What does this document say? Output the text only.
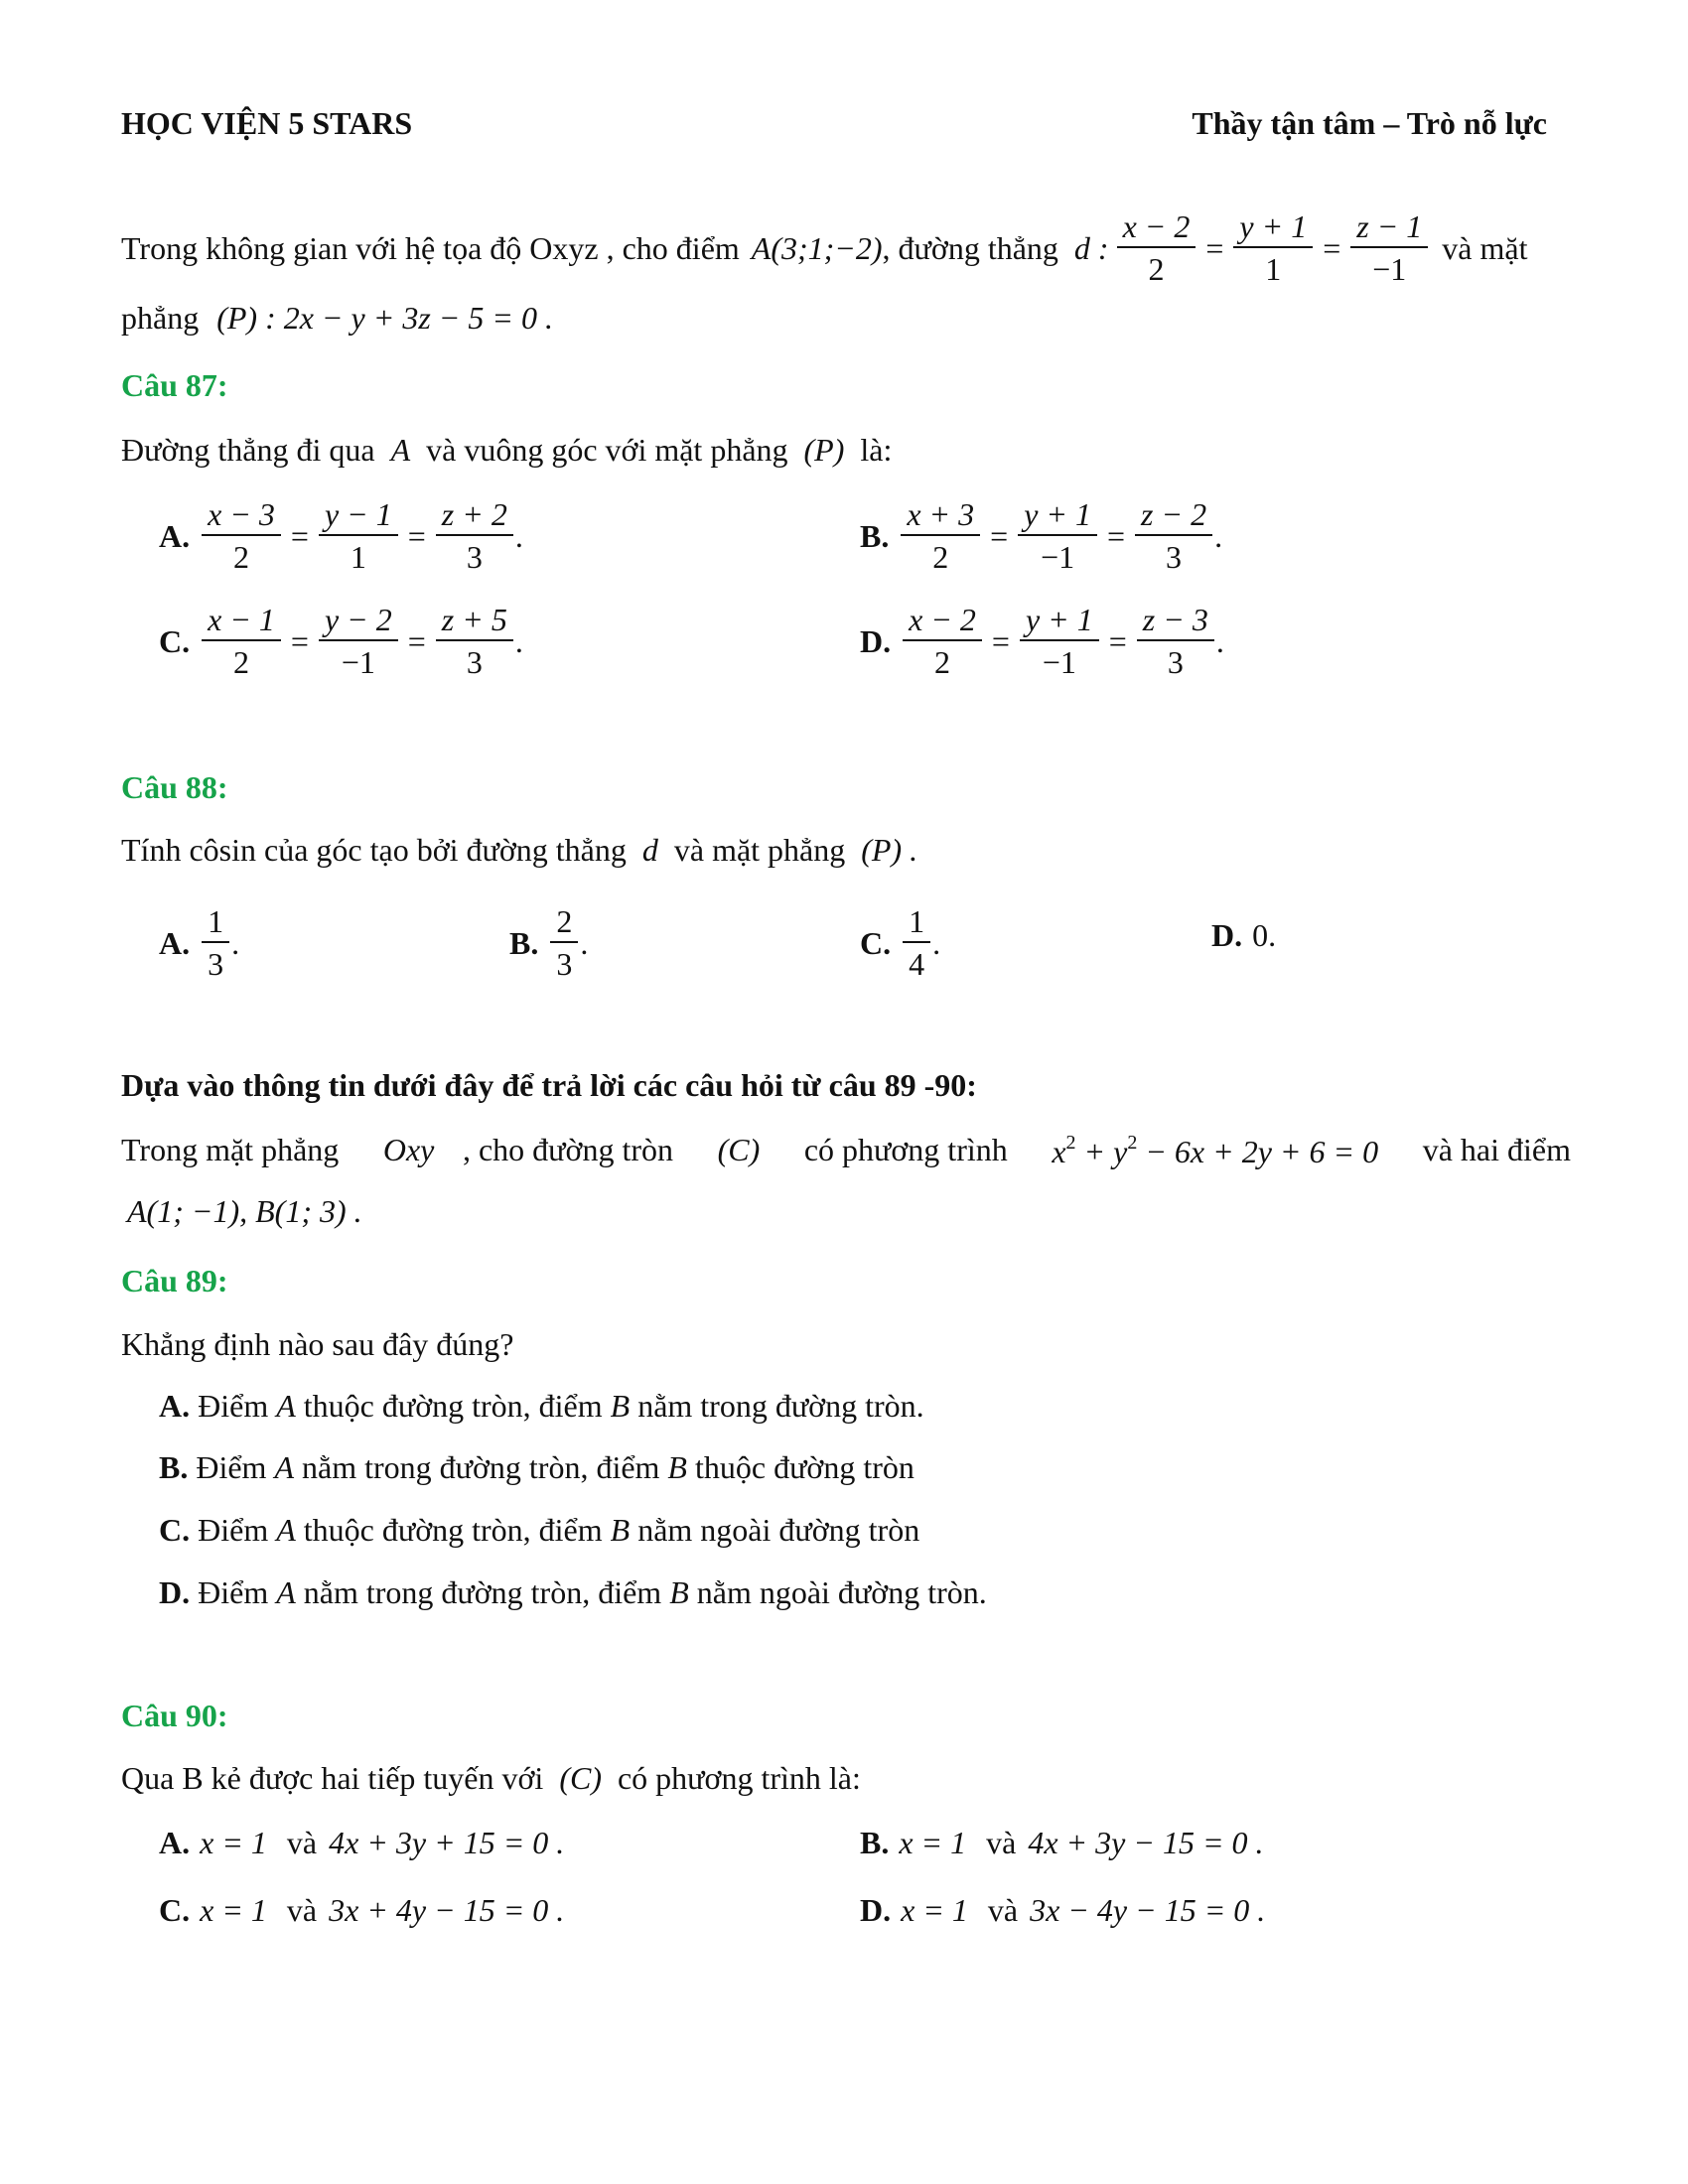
HỌC VIỆN 5 STARS	Thầy tận tâm – Trò nỗ lực
Trong không gian với hệ tọa độ Oxyz , cho điểm A(3;1;−2) , đường thẳng d : $\frac{x - 2}{2} = \frac{y + 1}{1} = \frac{z - 1}{-1}$ và mặt
phẳng (P) : 2x − y + 3z − 5 = 0 .
Câu 87:
Đường thẳng đi qua A và vuông góc với mặt phẳng (P) là:
A. $\frac{x - 3}{2} = \frac{y - 1}{1} = \frac{z + 2}{3}$ .	B. $\frac{x + 3}{2} = \frac{y + 1}{-1} = \frac{z - 2}{3}$ .
C. $\frac{x - 1}{2} = \frac{y - 2}{-1} = \frac{z + 5}{3}$ .	D. $\frac{x - 2}{2} = \frac{y + 1}{-1} = \frac{z - 3}{3}$ .
Câu 88:
Tính côsin của góc tạo bởi đường thẳng d và mặt phẳng (P) .
A. $\frac{1}{3}$ .	B. $\frac{2}{3}$ .	C. $\frac{1}{4}$ .	D. 0.
Dựa vào thông tin dưới đây để trả lời các câu hỏi từ câu 89 -90:
Trong mặt phẳng Oxy , cho đường tròn (C) có phương trình $x^2 + y^2 - 6x + 2y + 6 = 0$ và hai điểm
A(1; −1), B(1; 3) .
Câu 89:
Khẳng định nào sau đây đúng?
A. Điểm A thuộc đường tròn, điểm B nằm trong đường tròn.
B. Điểm A nằm trong đường tròn, điểm B thuộc đường tròn
C. Điểm A thuộc đường tròn, điểm B nằm ngoài đường tròn
D. Điểm A nằm trong đường tròn, điểm B nằm ngoài đường tròn.
Câu 90:
Qua B kẻ được hai tiếp tuyến với (C) có phương trình là:
A. x = 1 và 4x + 3y + 15 = 0 .	B. x = 1 và 4x + 3y − 15 = 0 .
C. x = 1 và 3x + 4y − 15 = 0 .	D. x = 1 và 3x − 4y − 15 = 0 .
